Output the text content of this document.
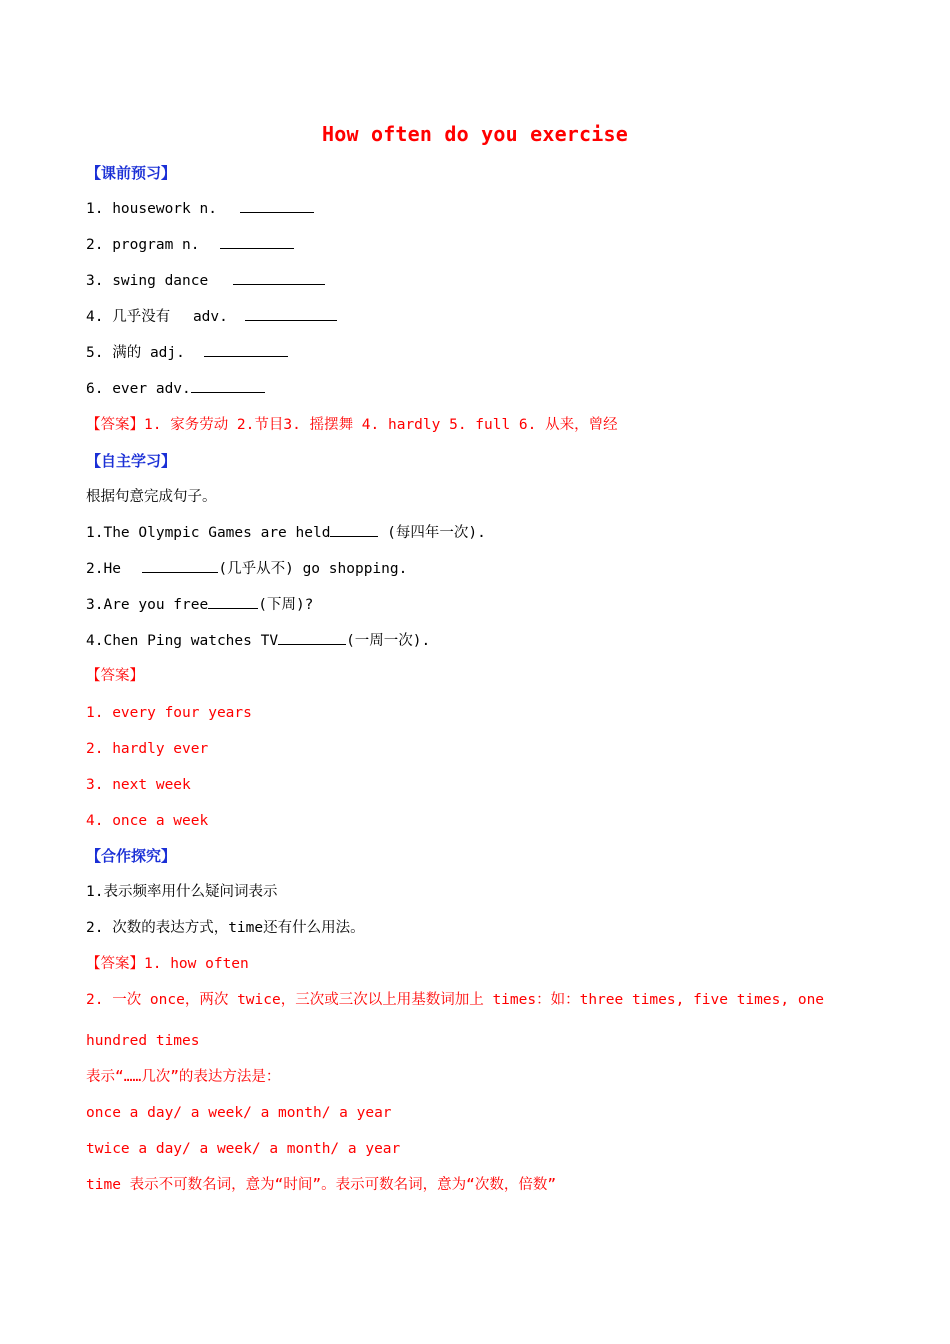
How often do you exercise
【课前预习】
1. housework n.
2. program n.
3. swing dance
4. 几乎没有 adv.
5. 满的 adj.
6. ever adv.
【答案】1. 家务劳动 2.节目3. 摇摆舞 4. hardly 5. full 6. 从来，曾经
【自主学习】
根据句意完成句子。
1.The Olympic Games are held	(每四年一次).
2.He	(几乎从不) go shopping.
3.Are you free	(下周)?
4.Chen Ping watches TV	(一周一次).
【答案】
1. every four years
2. hardly ever
3. next week
4. once a week
【合作探究】
1.表示频率用什么疑问词表示
2. 次数的表达方式，time还有什么用法。
【答案】1. how often
2. 一次 once，两次 twice，三次或三次以上用基数词加上 times：如：three times, five times, one
hundred times
表示“……几次”的表达方法是：
once a day/ a week/ a month/ a year
twice a day/ a week/ a month/ a year
time 表示不可数名词，意为“时间”。表示可数名词，意为“次数，倍数”
